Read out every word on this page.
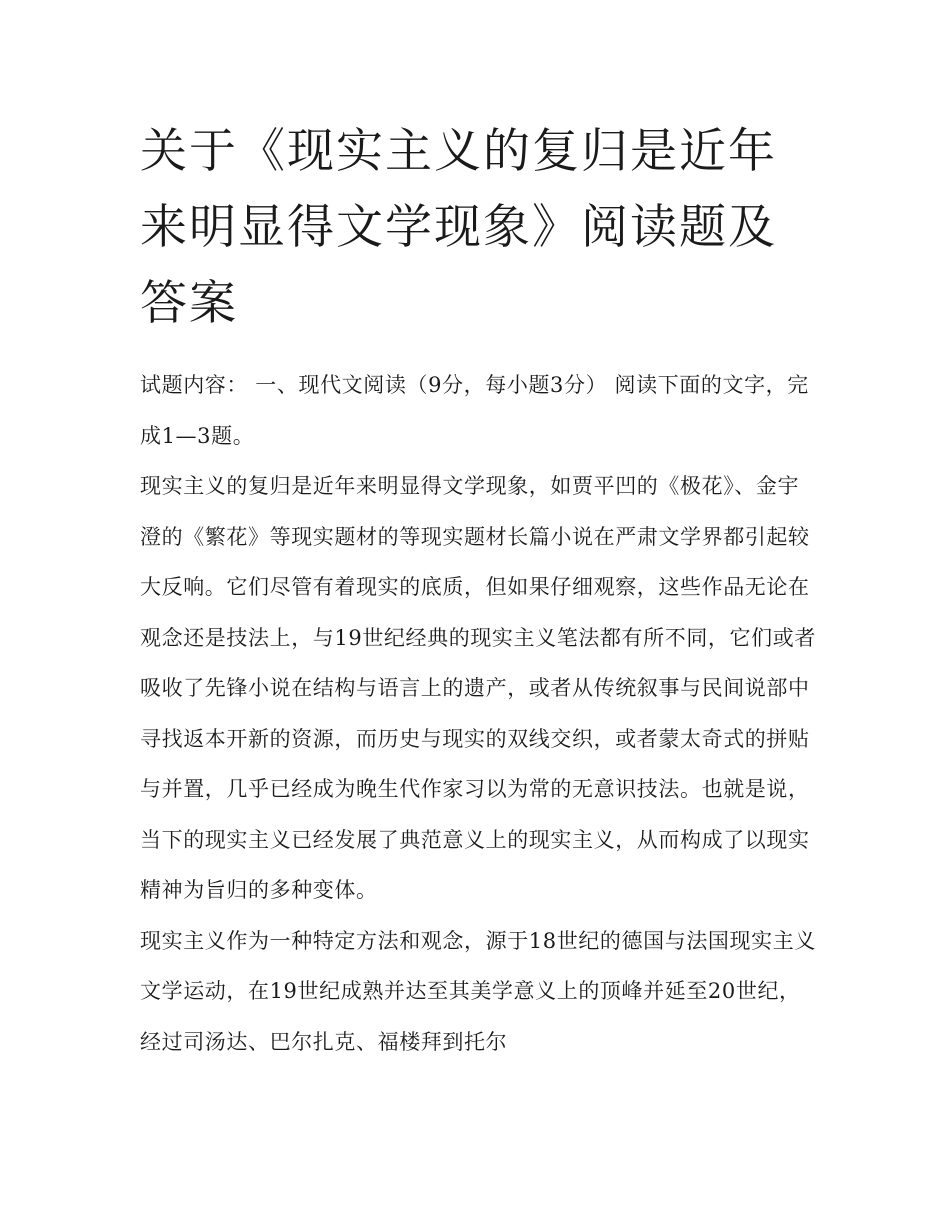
关于《现实主义的复归是近年来明显得文学现象》阅读题及答案

试题内容： 一、现代文阅读（9分，每小题3分） 阅读下面的文字，完成1—3题。

现实主义的复归是近年来明显得文学现象，如贾平凹的《极花》、金宇澄的《繁花》等现实题材的等现实题材长篇小说在严肃文学界都引起较大反响。它们尽管有着现实的底质，但如果仔细观察，这些作品无论在观念还是技法上，与19世纪经典的现实主义笔法都有所不同，它们或者吸收了先锋小说在结构与语言上的遗产，或者从传统叙事与民间说部中寻找返本开新的资源，而历史与现实的双线交织，或者蒙太奇式的拼贴与并置，几乎已经成为晚生代作家习以为常的无意识技法。也就是说，当下的现实主义已经发展了典范意义上的现实主义，从而构成了以现实精神为旨归的多种变体。

现实主义作为一种特定方法和观念，源于18世纪的德国与法国现实主义文学运动，在19世纪成熟并达至其美学意义上的顶峰并延至20世纪，经过司汤达、巴尔扎克、福楼拜到托尔
